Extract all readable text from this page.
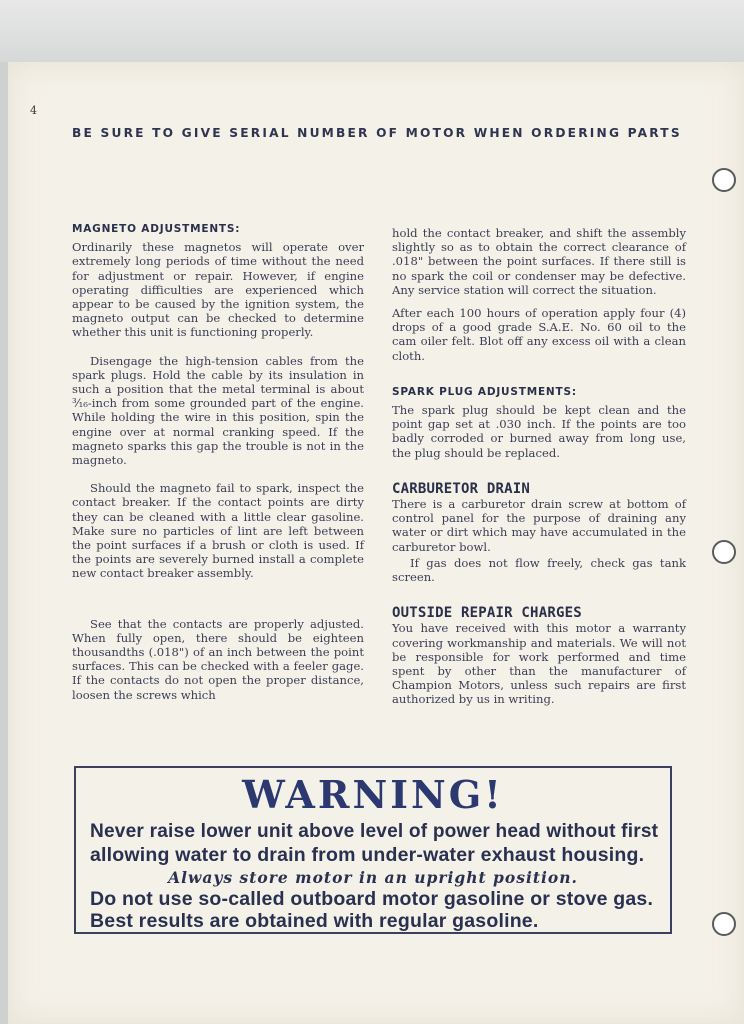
4
BE SURE TO GIVE SERIAL NUMBER OF MOTOR WHEN ORDERING PARTS
MAGNETO ADJUSTMENTS:

Ordinarily these magnetos will operate over extremely long periods of time without the need for adjustment or repair. However, if engine operating difficulties are experienced which appear to be caused by the ignition system, the magneto output can be checked to determine whether this unit is functioning properly.

Disengage the high-tension cables from the spark plugs. Hold the cable by its insulation in such a position that the metal terminal is about ³⁄₁₆-inch from some grounded part of the engine. While holding the wire in this position, spin the engine over at normal cranking speed. If the magneto sparks this gap the trouble is not in the magneto.

Should the magneto fail to spark, inspect the contact breaker. If the contact points are dirty they can be cleaned with a little clear gasoline. Make sure no particles of lint are left between the point surfaces if a brush or cloth is used. If the points are severely burned install a complete new contact breaker assembly.

See that the contacts are properly adjusted. When fully open, there should be eighteen thousandths (.018") of an inch between the point surfaces. This can be checked with a feeler gage. If the contacts do not open the proper distance, loosen the screws which

hold the contact breaker, and shift the assembly slightly so as to obtain the correct clearance of .018" between the point surfaces. If there still is no spark the coil or condenser may be defective. Any service station will correct the situation.

After each 100 hours of operation apply four (4) drops of a good grade S.A.E. No. 60 oil to the cam oiler felt. Blot off any excess oil with a clean cloth.

SPARK PLUG ADJUSTMENTS:

The spark plug should be kept clean and the point gap set at .030 inch. If the points are too badly corroded or burned away from long use, the plug should be replaced.

CARBURETOR DRAIN

There is a carburetor drain screw at bottom of control panel for the purpose of draining any water or dirt which may have accumulated in the carburetor bowl.

If gas does not flow freely, check gas tank screen.

OUTSIDE REPAIR CHARGES

You have received with this motor a warranty covering workmanship and materials. We will not be responsible for work performed and time spent by other than the manufacturer of Champion Motors, unless such repairs are first authorized by us in writing.

WARNING!
Never raise lower unit above level of power head without first
allowing water to drain from under-water exhaust housing.
Always store motor in an upright position.
Do not use so-called outboard motor gasoline or stove gas.
Best results are obtained with regular gasoline.
